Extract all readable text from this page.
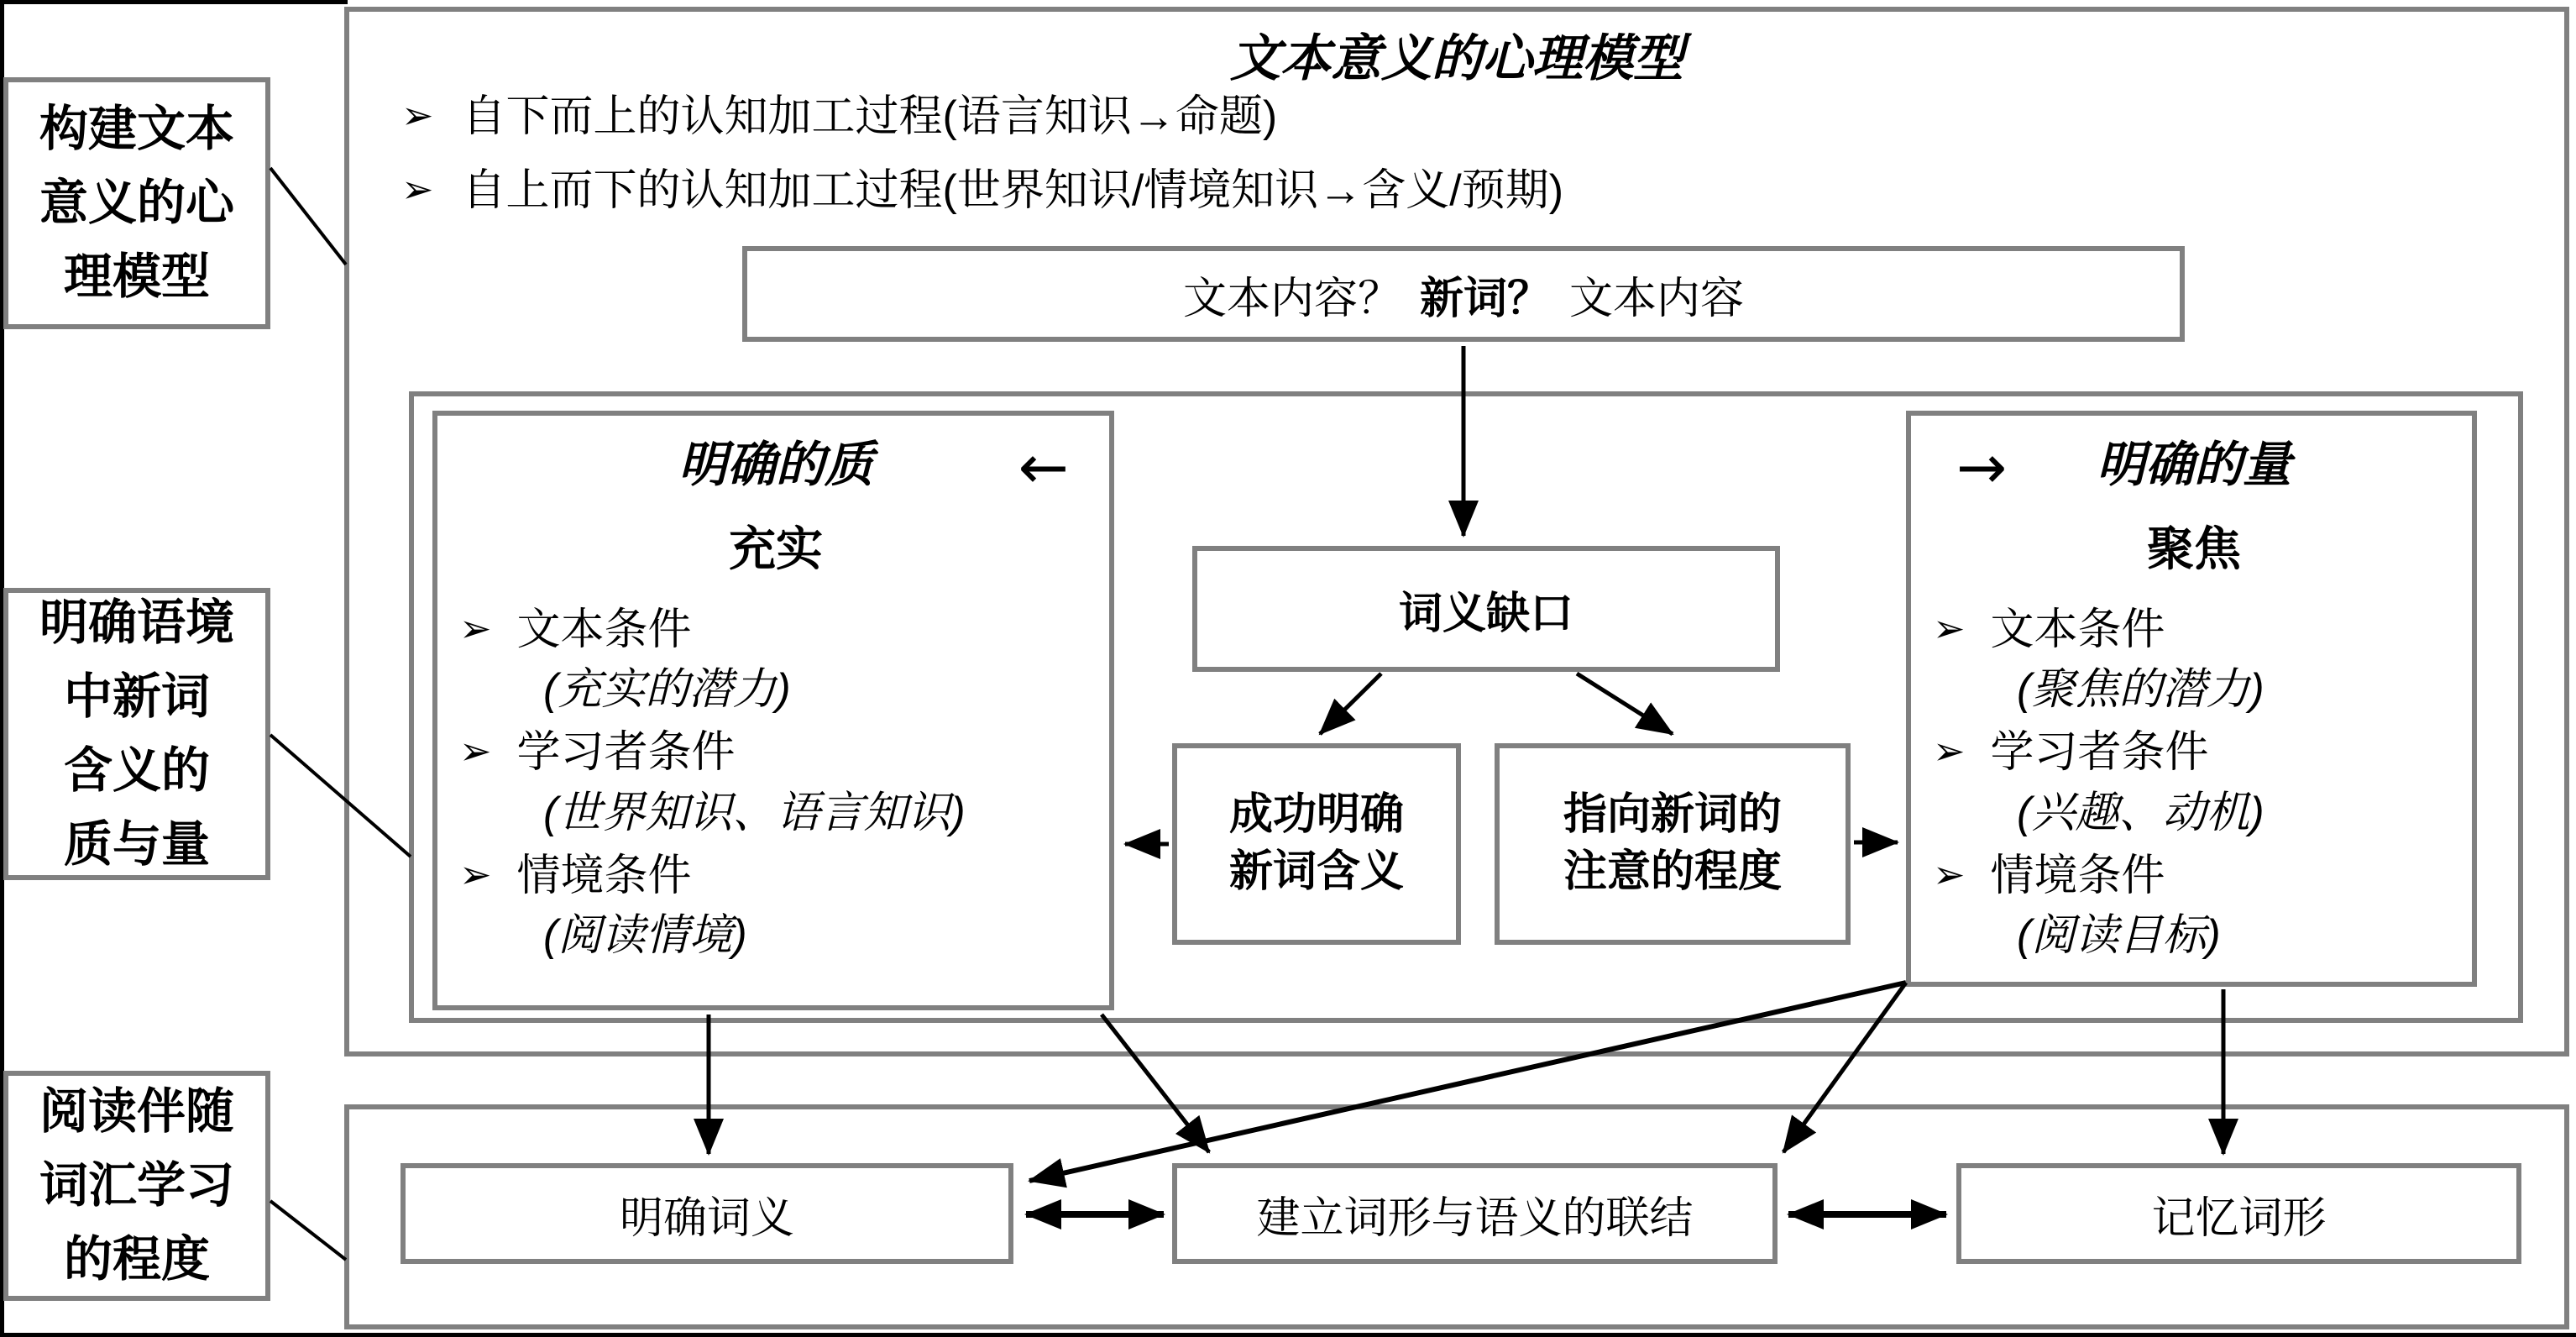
构建文本
意义的心
理模型
明确语境
中新词
含义的
质与量
阅读伴随
词汇学习
的程度
文本意义的心理模型
➢ 自下而上的认知加工过程(语言知识→命题)
➢ 自上而下的认知加工过程(世界知识/情境知识→含义/预期)
文本内容？ 新词？ 文本内容
明确的质 ←
充实
➢ 文本条件
(充实的潜力)
➢ 学习者条件
(世界知识、语言知识)
➢ 情境条件
(阅读情境)
→ 明确的量
聚焦
➢ 文本条件
(聚焦的潜力)
➢ 学习者条件
(兴趣、动机)
➢ 情境条件
(阅读目标)
词义缺口
成功明确
新词含义
指向新词的
注意的程度
明确词义	建立词形与语义的联结	记忆词形
